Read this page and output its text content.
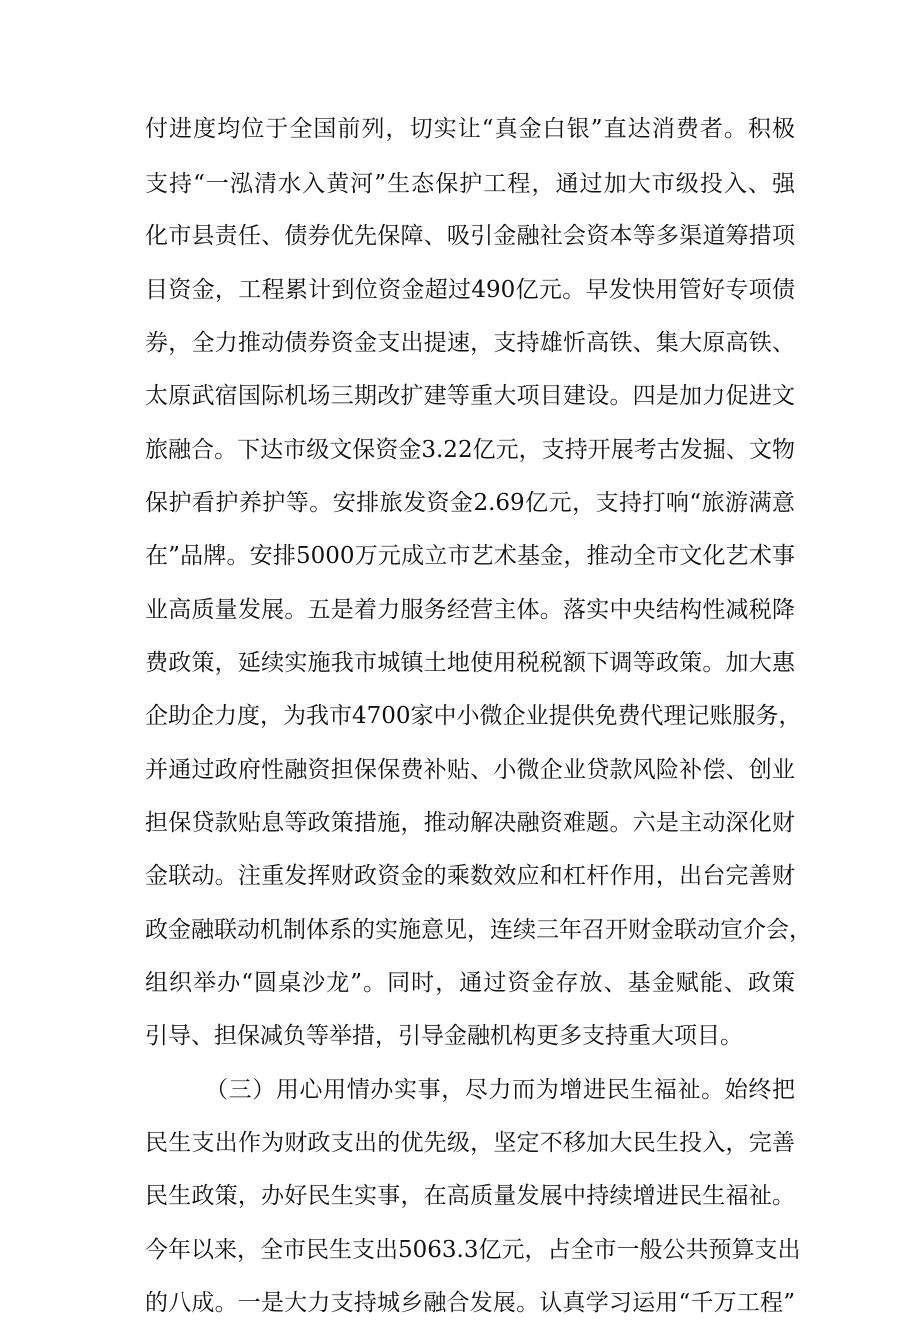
付进度均位于全国前列，切实让“真金白银”直达消费者。积极
支持“一泓清水入黄河”生态保护工程，通过加大市级投入、强
化市县责任、债券优先保障、吸引金融社会资本等多渠道筹措项
目资金，工程累计到位资金超过490亿元。早发快用管好专项债
券，全力推动债券资金支出提速，支持雄忻高铁、集大原高铁、
太原武宿国际机场三期改扩建等重大项目建设。四是加力促进文
旅融合。下达市级文保资金3.22亿元，支持开展考古发掘、文物
保护看护养护等。安排旅发资金2.69亿元，支持打响“旅游满意
在”品牌。安排5000万元成立市艺术基金，推动全市文化艺术事
业高质量发展。五是着力服务经营主体。落实中央结构性减税降
费政策，延续实施我市城镇土地使用税税额下调等政策。加大惠
企助企力度，为我市4700家中小微企业提供免费代理记账服务，
并通过政府性融资担保保费补贴、小微企业贷款风险补偿、创业
担保贷款贴息等政策措施，推动解决融资难题。六是主动深化财
金联动。注重发挥财政资金的乘数效应和杠杆作用，出台完善财
政金融联动机制体系的实施意见，连续三年召开财金联动宣介会，
组织举办“圆桌沙龙”。同时，通过资金存放、基金赋能、政策
引导、担保减负等举措，引导金融机构更多支持重大项目。
（三）用心用情办实事，尽力而为增进民生福祉。始终把
民生支出作为财政支出的优先级，坚定不移加大民生投入，完善
民生政策，办好民生实事，在高质量发展中持续增进民生福祉。
今年以来，全市民生支出5063.3亿元，占全市一般公共预算支出
的八成。一是大力支持城乡融合发展。认真学习运用“千万工程”
